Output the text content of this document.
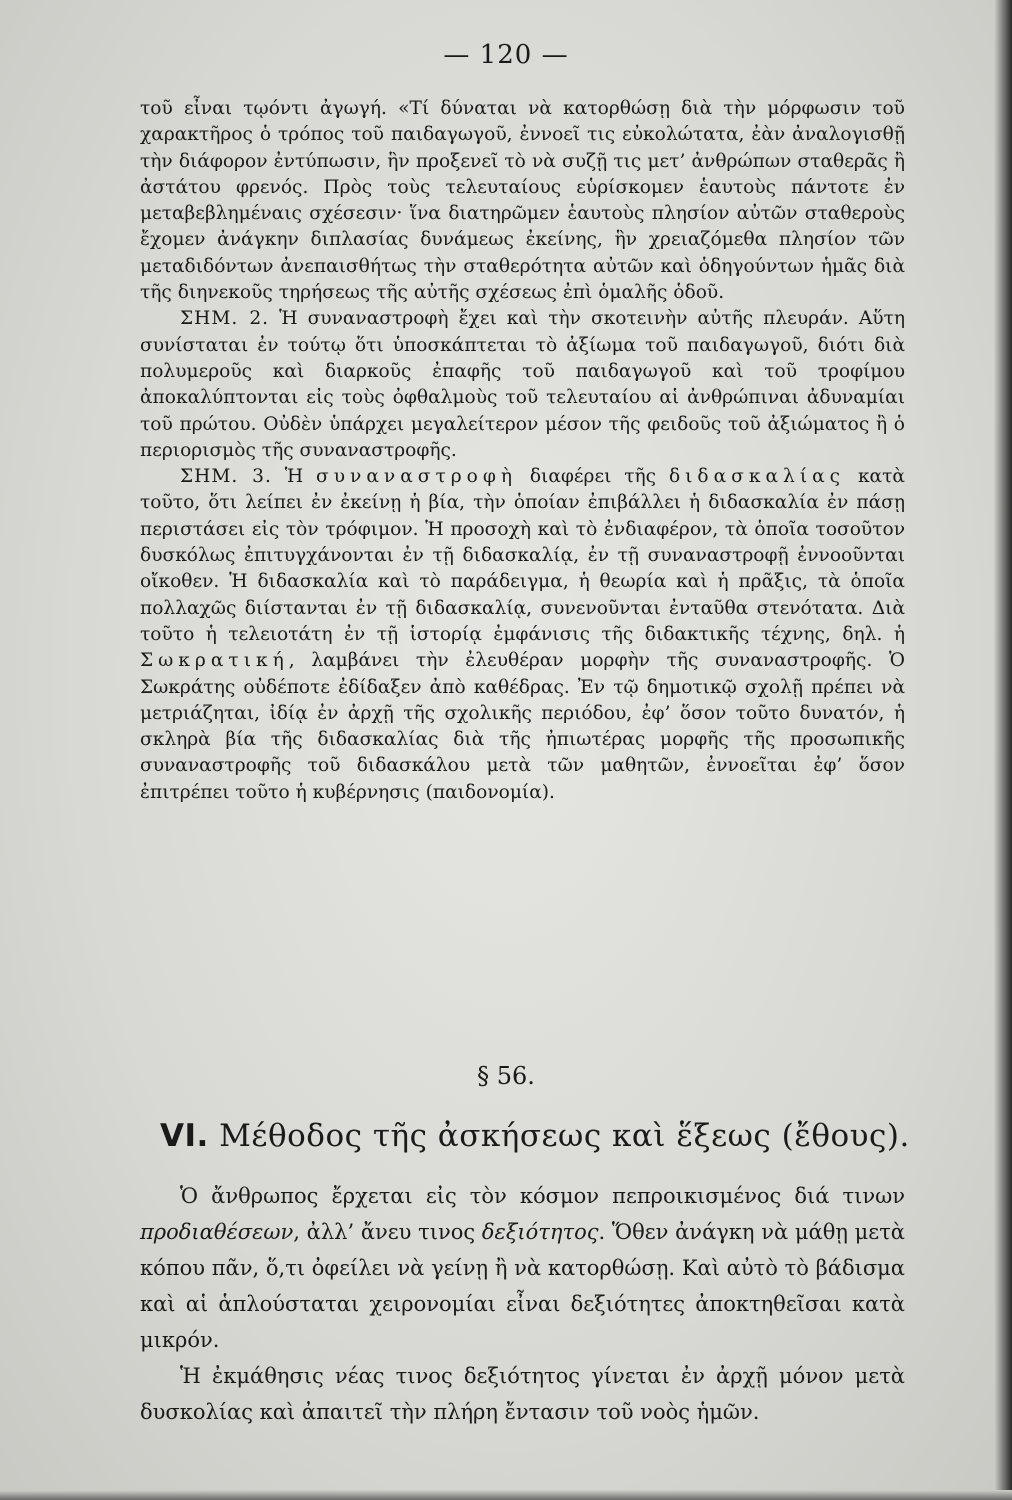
— 120 —

τοῦ εἶναι τῳόντι ἀγωγή. «Τί δύναται νὰ κατορθώσῃ διὰ τὴν μόρφωσιν τοῦ χαρακτῆρος ὁ τρόπος τοῦ παιδαγωγοῦ, ἐννοεῖ τις εὐκολώτατα, ἐὰν ἀναλογισθῇ τὴν διάφορον ἐντύπωσιν, ἣν προξενεῖ τὸ νὰ συζῇ τις μετ’ ἀνθρώπων σταθερᾶς ἢ ἀστάτου φρενός. Πρὸς τοὺς τελευταίους εὑρίσκομεν ἑαυτοὺς πάντοτε ἐν μεταβεβλημέναις σχέσεσιν· ἵνα διατηρῶμεν ἑαυτοὺς πλησίον αὐτῶν σταθεροὺς ἔχομεν ἀνάγκην διπλασίας δυνάμεως ἐκείνης, ἣν χρειαζόμεθα πλησίον τῶν μεταδιδόντων ἀνεπαισθήτως τὴν σταθερότητα αὐτῶν καὶ ὁδηγούντων ἡμᾶς διὰ τῆς διηνεκοῦς τηρήσεως τῆς αὐτῆς σχέσεως ἐπὶ ὁμαλῆς ὁδοῦ.

ΣΗΜ. 2. Ἡ συναναστροφὴ ἔχει καὶ τὴν σκοτεινὴν αὐτῆς πλευράν. Αὕτη συνίσταται ἐν τούτῳ ὅτι ὑποσκάπτεται τὸ ἀξίωμα τοῦ παιδαγωγοῦ, διότι διὰ πολυμεροῦς καὶ διαρκοῦς ἐπαφῆς τοῦ παιδαγωγοῦ καὶ τοῦ τροφίμου ἀποκαλύπτονται εἰς τοὺς ὀφθαλμοὺς τοῦ τελευταίου αἱ ἀνθρώπιναι ἀδυναμίαι τοῦ πρώτου. Οὐδὲν ὑπάρχει μεγαλείτερον μέσον τῆς φειδοῦς τοῦ ἀξιώματος ἢ ὁ περιορισμὸς τῆς συναναστροφῆς.

ΣΗΜ. 3. Ἡ συναναστροφὴ διαφέρει τῆς διδασκαλίας κατὰ τοῦτο, ὅτι λείπει ἐν ἐκείνῃ ἡ βία, τὴν ὁποίαν ἐπιβάλλει ἡ διδασκαλία ἐν πάσῃ περιστάσει εἰς τὸν τρόφιμον. Ἡ προσοχὴ καὶ τὸ ἐνδιαφέρον, τὰ ὁποῖα τοσοῦτον δυσκόλως ἐπιτυγχάνονται ἐν τῇ διδασκαλίᾳ, ἐν τῇ συναναστροφῇ ἐννοοῦνται οἴκοθεν. Ἡ διδασκαλία καὶ τὸ παράδειγμα, ἡ θεωρία καὶ ἡ πρᾶξις, τὰ ὁποῖα πολλαχῶς διίστανται ἐν τῇ διδασκαλίᾳ, συνενοῦνται ἐνταῦθα στενότατα. Διὰ τοῦτο ἡ τελειοτάτη ἐν τῇ ἱστορίᾳ ἐμφάνισις τῆς διδακτικῆς τέχνης, δηλ. ἡ Σωκρατική, λαμβάνει τὴν ἐλευθέραν μορφὴν τῆς συναναστροφῆς. Ὁ Σωκράτης οὐδέποτε ἐδίδαξεν ἀπὸ καθέδρας. Ἐν τῷ δημοτικῷ σχολῇ πρέπει νὰ μετριάζηται, ἰδίᾳ ἐν ἀρχῇ τῆς σχολικῆς περιόδου, ἐφ’ ὅσον τοῦτο δυνατόν, ἡ σκληρὰ βία τῆς διδασκαλίας διὰ τῆς ἠπιωτέρας μορφῆς τῆς προσωπικῆς συναναστροφῆς τοῦ διδασκάλου μετὰ τῶν μαθητῶν, ἐννοεῖται ἐφ’ ὅσον ἐπιτρέπει τοῦτο ἡ κυβέρνησις (παιδονομία).

§ 56.
VI. Μέθοδος τῆς ἀσκήσεως καὶ ἕξεως (ἔθους).

Ὁ ἄνθρωπος ἔρχεται εἰς τὸν κόσμον πεπροικισμένος διά τινων προδιαθέσεων, ἀλλ’ ἄνευ τινος δεξιότητος. Ὅθεν ἀνάγκη νὰ μάθῃ μετὰ κόπου πᾶν, ὅ,τι ὀφείλει νὰ γείνῃ ἢ νὰ κατορθώσῃ. Καὶ αὐτὸ τὸ βάδισμα καὶ αἱ ἁπλούσταται χειρονομίαι εἶναι δεξιότητες ἀποκτηθεῖσαι κατὰ μικρόν.

Ἡ ἐκμάθησις νέας τινος δεξιότητος γίνεται ἐν ἀρχῇ μόνον μετὰ δυσκολίας καὶ ἀπαιτεῖ τὴν πλήρη ἔντασιν τοῦ νοὸς ἡμῶν.
